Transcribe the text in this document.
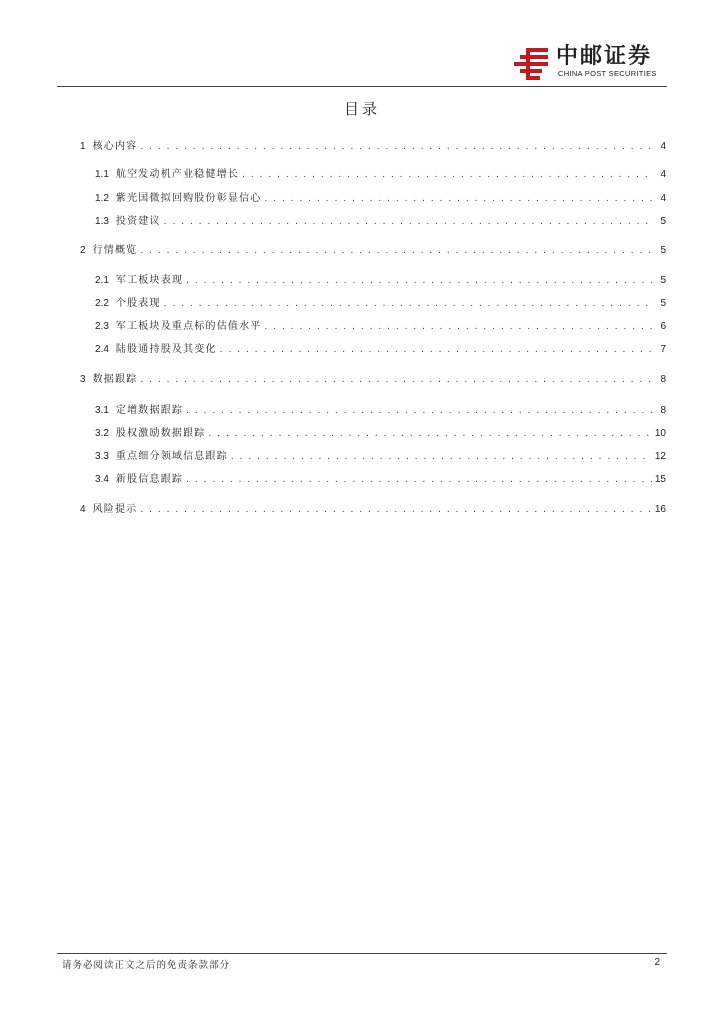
中邮证券
CHINA POST SECURITIES
目录
1 核心内容 . . .	4
1.1 航空发动机产业稳健增长 . . .	4
1.2 紫光国微拟回购股份彰显信心 . . .	4
1.3 投资建议 . . .	5
2 行情概览 . . .	5
2.1 军工板块表现 . . .	5
2.2 个股表现 . . .	5
2.3 军工板块及重点标的估值水平 . . .	6
2.4 陆股通持股及其变化 . . .	7
3 数据跟踪 . . .	8
3.1 定增数据跟踪 . . .	8
3.2 股权激励数据跟踪 . . .	10
3.3 重点细分领域信息跟踪 . . .	12
3.4 新股信息跟踪 . . .	15
4 风险提示 . . .	16
请务必阅读正文之后的免责条款部分	2
